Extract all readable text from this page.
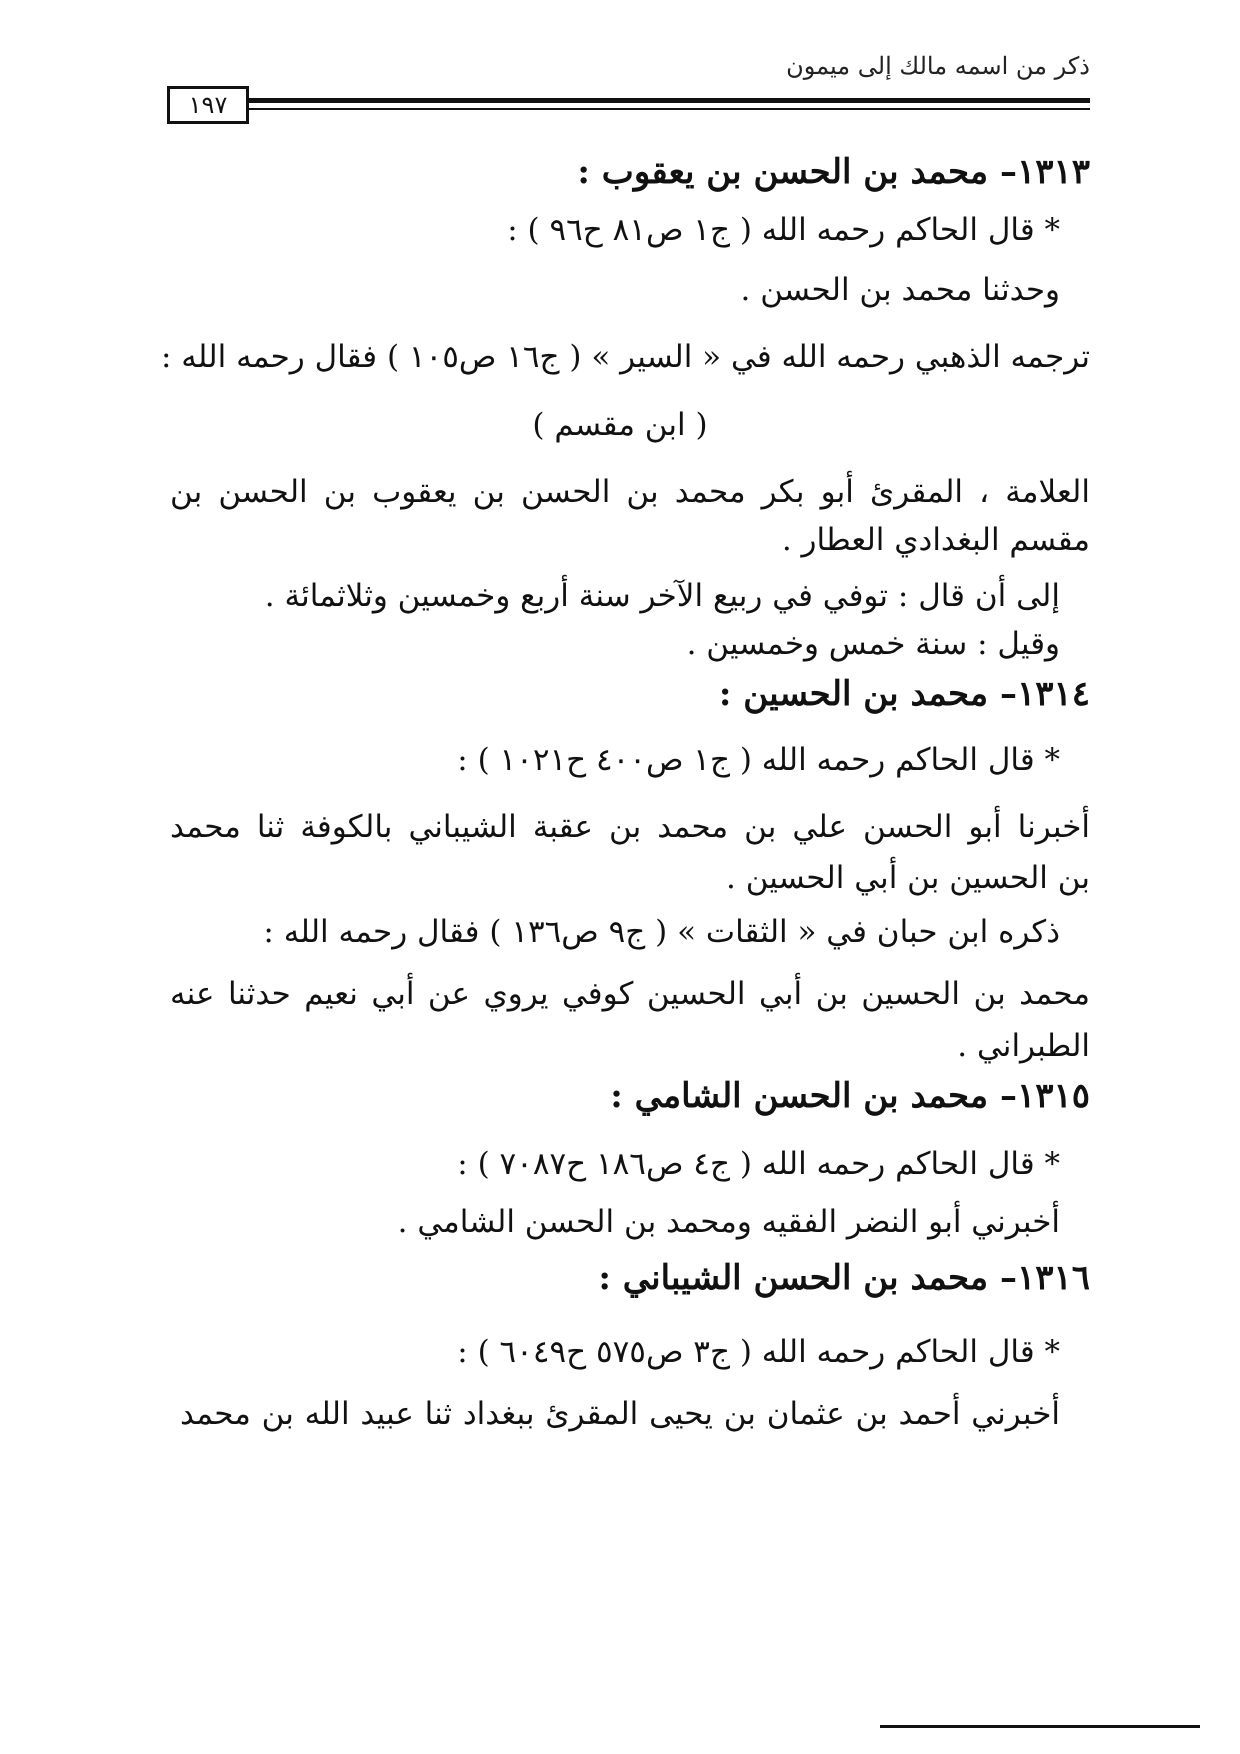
ذكر من اسمه مالك إلى ميمون
١٩٧
١٣١٣– محمد بن الحسن بن يعقوب :
* قال الحاكم رحمه الله ( ج١ ص٨١ ح٩٦ ) :
وحدثنا محمد بن الحسن .
ترجمه الذهبي رحمه الله في « السير » ( ج١٦ ص١٠٥ ) فقال رحمه الله :
( ابن مقسم )
العلامة ، المقرئ أبو بكر محمد بن الحسن بن يعقوب بن الحسن بن
مقسم البغدادي العطار .
إلى أن قال : توفي في ربيع الآخر سنة أربع وخمسين وثلاثمائة .
وقيل : سنة خمس وخمسين .
١٣١٤– محمد بن الحسين :
* قال الحاكم رحمه الله ( ج١ ص٤٠٠ ح١٠٢١ ) :
أخبرنا أبو الحسن علي بن محمد بن عقبة الشيباني بالكوفة ثنا محمد
بن الحسين بن أبي الحسين .
ذكره ابن حبان في « الثقات » ( ج٩ ص١٣٦ ) فقال رحمه الله :
محمد بن الحسين بن أبي الحسين كوفي يروي عن أبي نعيم حدثنا عنه
الطبراني .
١٣١٥– محمد بن الحسن الشامي :
* قال الحاكم رحمه الله ( ج٤ ص١٨٦ ح٧٠٨٧ ) :
أخبرني أبو النضر الفقيه ومحمد بن الحسن الشامي .
١٣١٦– محمد بن الحسن الشيباني :
* قال الحاكم رحمه الله ( ج٣ ص٥٧٥ ح٦٠٤٩ ) :
أخبرني أحمد بن عثمان بن يحيى المقرئ ببغداد ثنا عبيد الله بن محمد
